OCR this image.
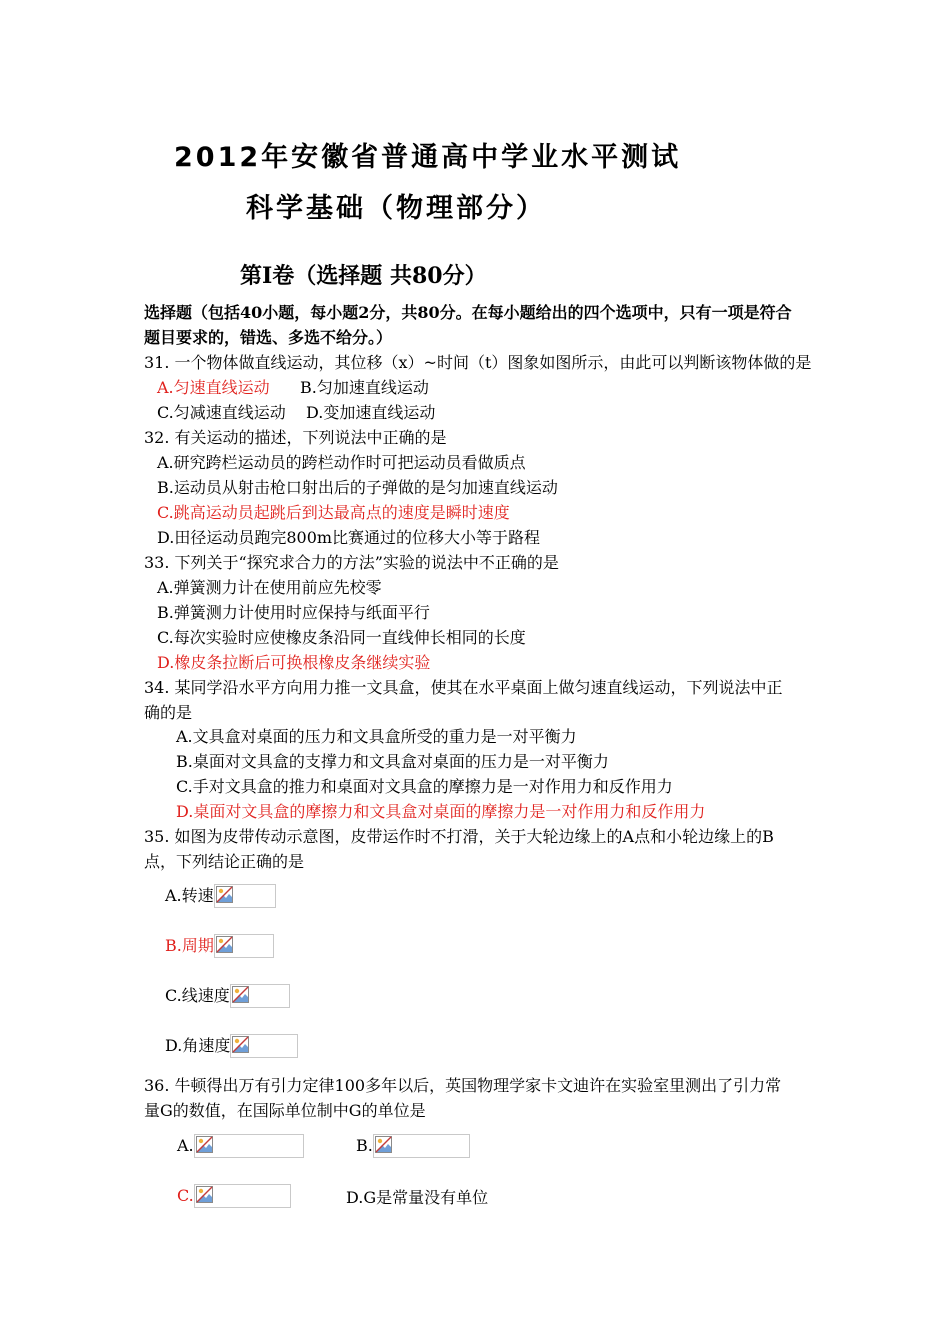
2012年安徽省普通高中学业水平测试
科学基础（物理部分）
第Ⅰ卷（选择题 共80分）
选择题（包括40小题，每小题2分，共80分。在每小题给出的四个选项中，只有一项是符合
题目要求的，错选、多选不给分。）
31. 一个物体做直线运动，其位移（x）~时间（t）图象如图所示，由此可以判断该物体做的是
A.匀速直线运动 B.匀加速直线运动
C.匀减速直线运动 D.变加速直线运动
32. 有关运动的描述，下列说法中正确的是
A.研究跨栏运动员的跨栏动作时可把运动员看做质点
B.运动员从射击枪口射出后的子弹做的是匀加速直线运动
C.跳高运动员起跳后到达最高点的速度是瞬时速度
D.田径运动员跑完800m比赛通过的位移大小等于路程
33. 下列关于“探究求合力的方法”实验的说法中不正确的是
A.弹簧测力计在使用前应先校零
B.弹簧测力计使用时应保持与纸面平行
C.每次实验时应使橡皮条沿同一直线伸长相同的长度
D.橡皮条拉断后可换根橡皮条继续实验
34. 某同学沿水平方向用力推一文具盒，使其在水平桌面上做匀速直线运动，下列说法中正
确的是
A.文具盒对桌面的压力和文具盒所受的重力是一对平衡力
B.桌面对文具盒的支撑力和文具盒对桌面的压力是一对平衡力
C.手对文具盒的推力和桌面对文具盒的摩擦力是一对作用力和反作用力
D.桌面对文具盒的摩擦力和文具盒对桌面的摩擦力是一对作用力和反作用力
35. 如图为皮带传动示意图，皮带运作时不打滑，关于大轮边缘上的A点和小轮边缘上的B
点，下列结论正确的是
A.转速
B.周期
C.线速度
D.角速度
36. 牛顿得出万有引力定律100多年以后，英国物理学家卡文迪许在实验室里测出了引力常
量G的数值，在国际单位制中G的单位是
A.	B.
C.	D.G是常量没有单位
